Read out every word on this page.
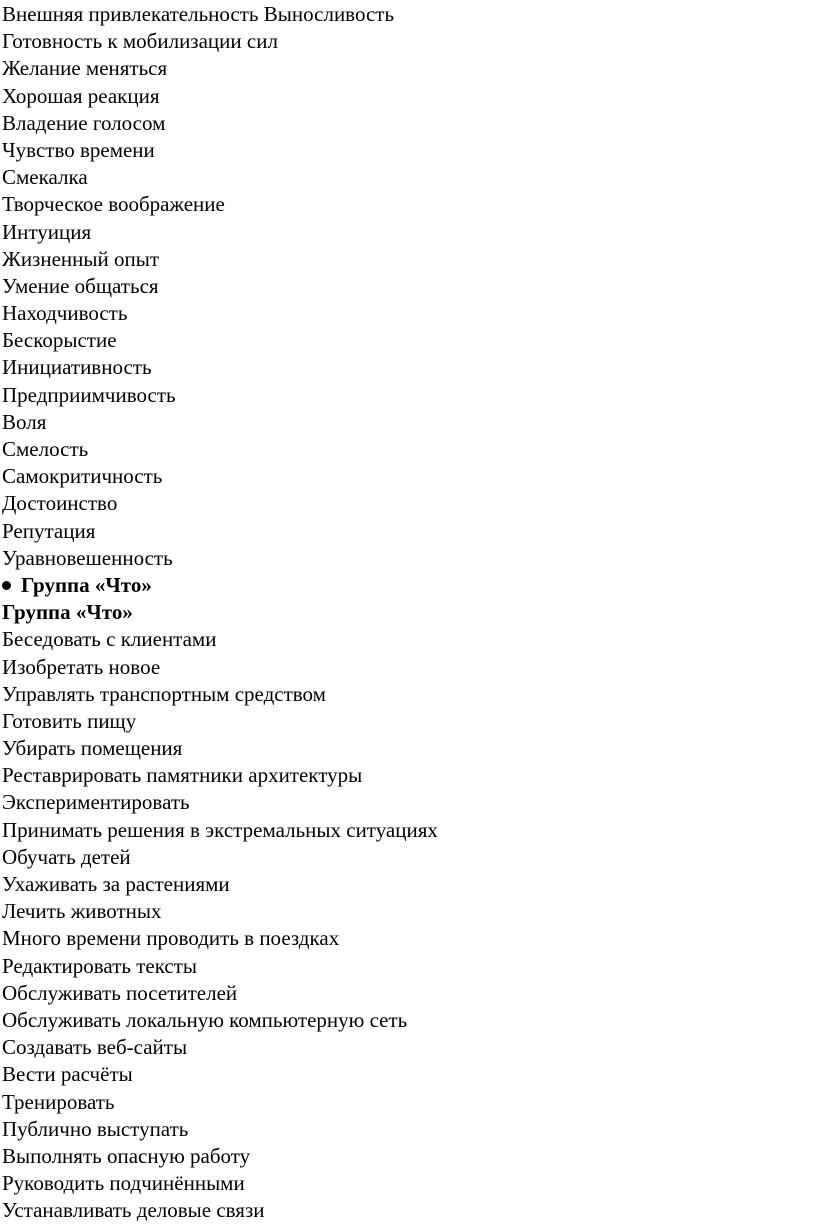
Внешняя привлекательность Выносливость
Готовность к мобилизации сил
Желание меняться
Хорошая реакция
Владение голосом
Чувство времени
Смекалка
Творческое воображение
Интуиция
Жизненный опыт
Умение общаться
Находчивость
Бескорыстие
Инициативность
Предприимчивость
Воля
Смелость
Самокритичность
Достоинство
Репутация
Уравновешенность
Группа «Что»
Группа «Что»
Беседовать с клиентами
Изобретать новое
Управлять транспортным средством
Готовить пищу
Убирать помещения
Реставрировать памятники архитектуры
Экспериментировать
Принимать решения в экстремальных ситуациях
Обучать детей
Ухаживать за растениями
Лечить животных
Много времени проводить в поездках
Редактировать тексты
Обслуживать посетителей
Обслуживать локальную компьютерную сеть
Создавать веб-сайты
Вести расчёты
Тренировать
Публично выступать
Выполнять опасную работу
Руководить подчинёнными
Устанавливать деловые связи
